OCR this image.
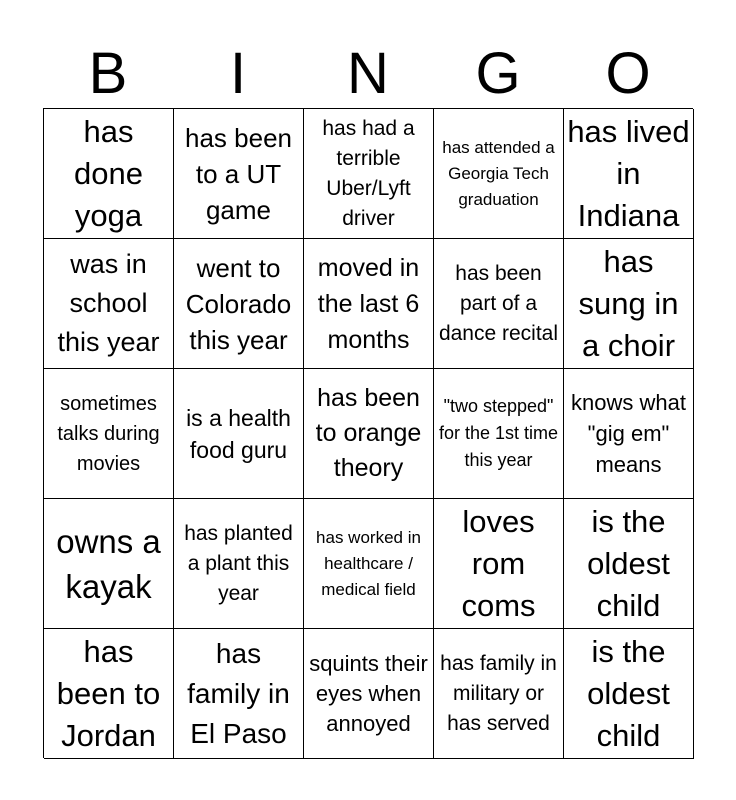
B	I	N	G	O
has done yoga
has been to a UT game
has had a terrible Uber/Lyft driver
has attended a Georgia Tech graduation
has lived in Indiana
was in school this year
went to Colorado this year
moved in the last 6 months
has been part of a dance recital
has sung in a choir
sometimes talks during movies
is a health food guru
has been to orange theory
"two stepped" for the 1st time this year
knows what "gig em" means
owns a kayak
has planted a plant this year
has worked in healthcare / medical field
loves rom coms
is the oldest child
has been to Jordan
has family in El Paso
squints their eyes when annoyed
has family in military or has served
is the oldest child
